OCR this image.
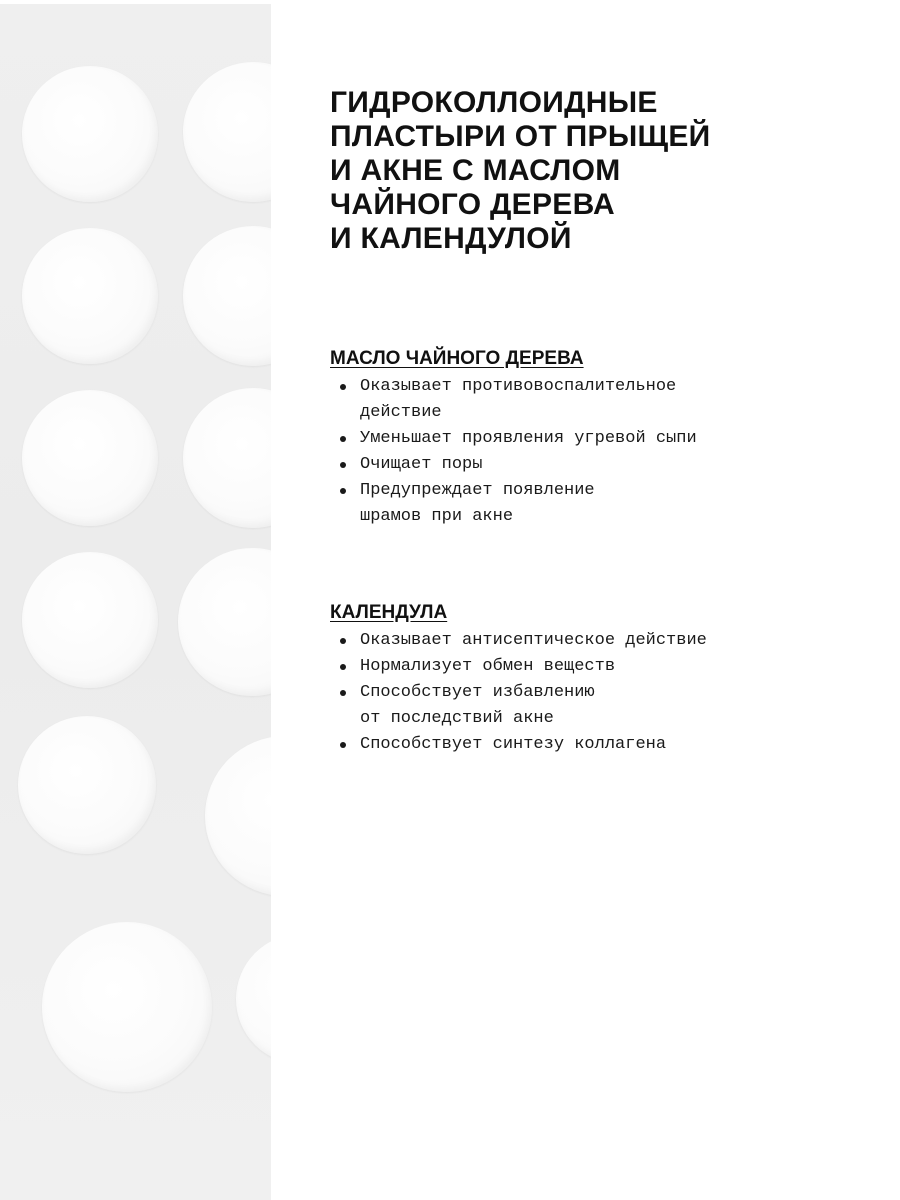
ГИДРОКОЛЛОИДНЫЕ
ПЛАСТЫРИ ОТ ПРЫЩЕЙ
И АКНЕ С МАСЛОМ
ЧАЙНОГО ДЕРЕВА
И КАЛЕНДУЛОЙ
МАСЛО ЧАЙНОГО ДЕРЕВА
Оказывает противовоспалительное
действие
Уменьшает проявления угревой сыпи
Очищает поры
Предупреждает появление
шрамов при акне
КАЛЕНДУЛА
Оказывает антисептическое действие
Нормализует обмен веществ
Способствует избавлению
от последствий акне
Способствует синтезу коллагена
